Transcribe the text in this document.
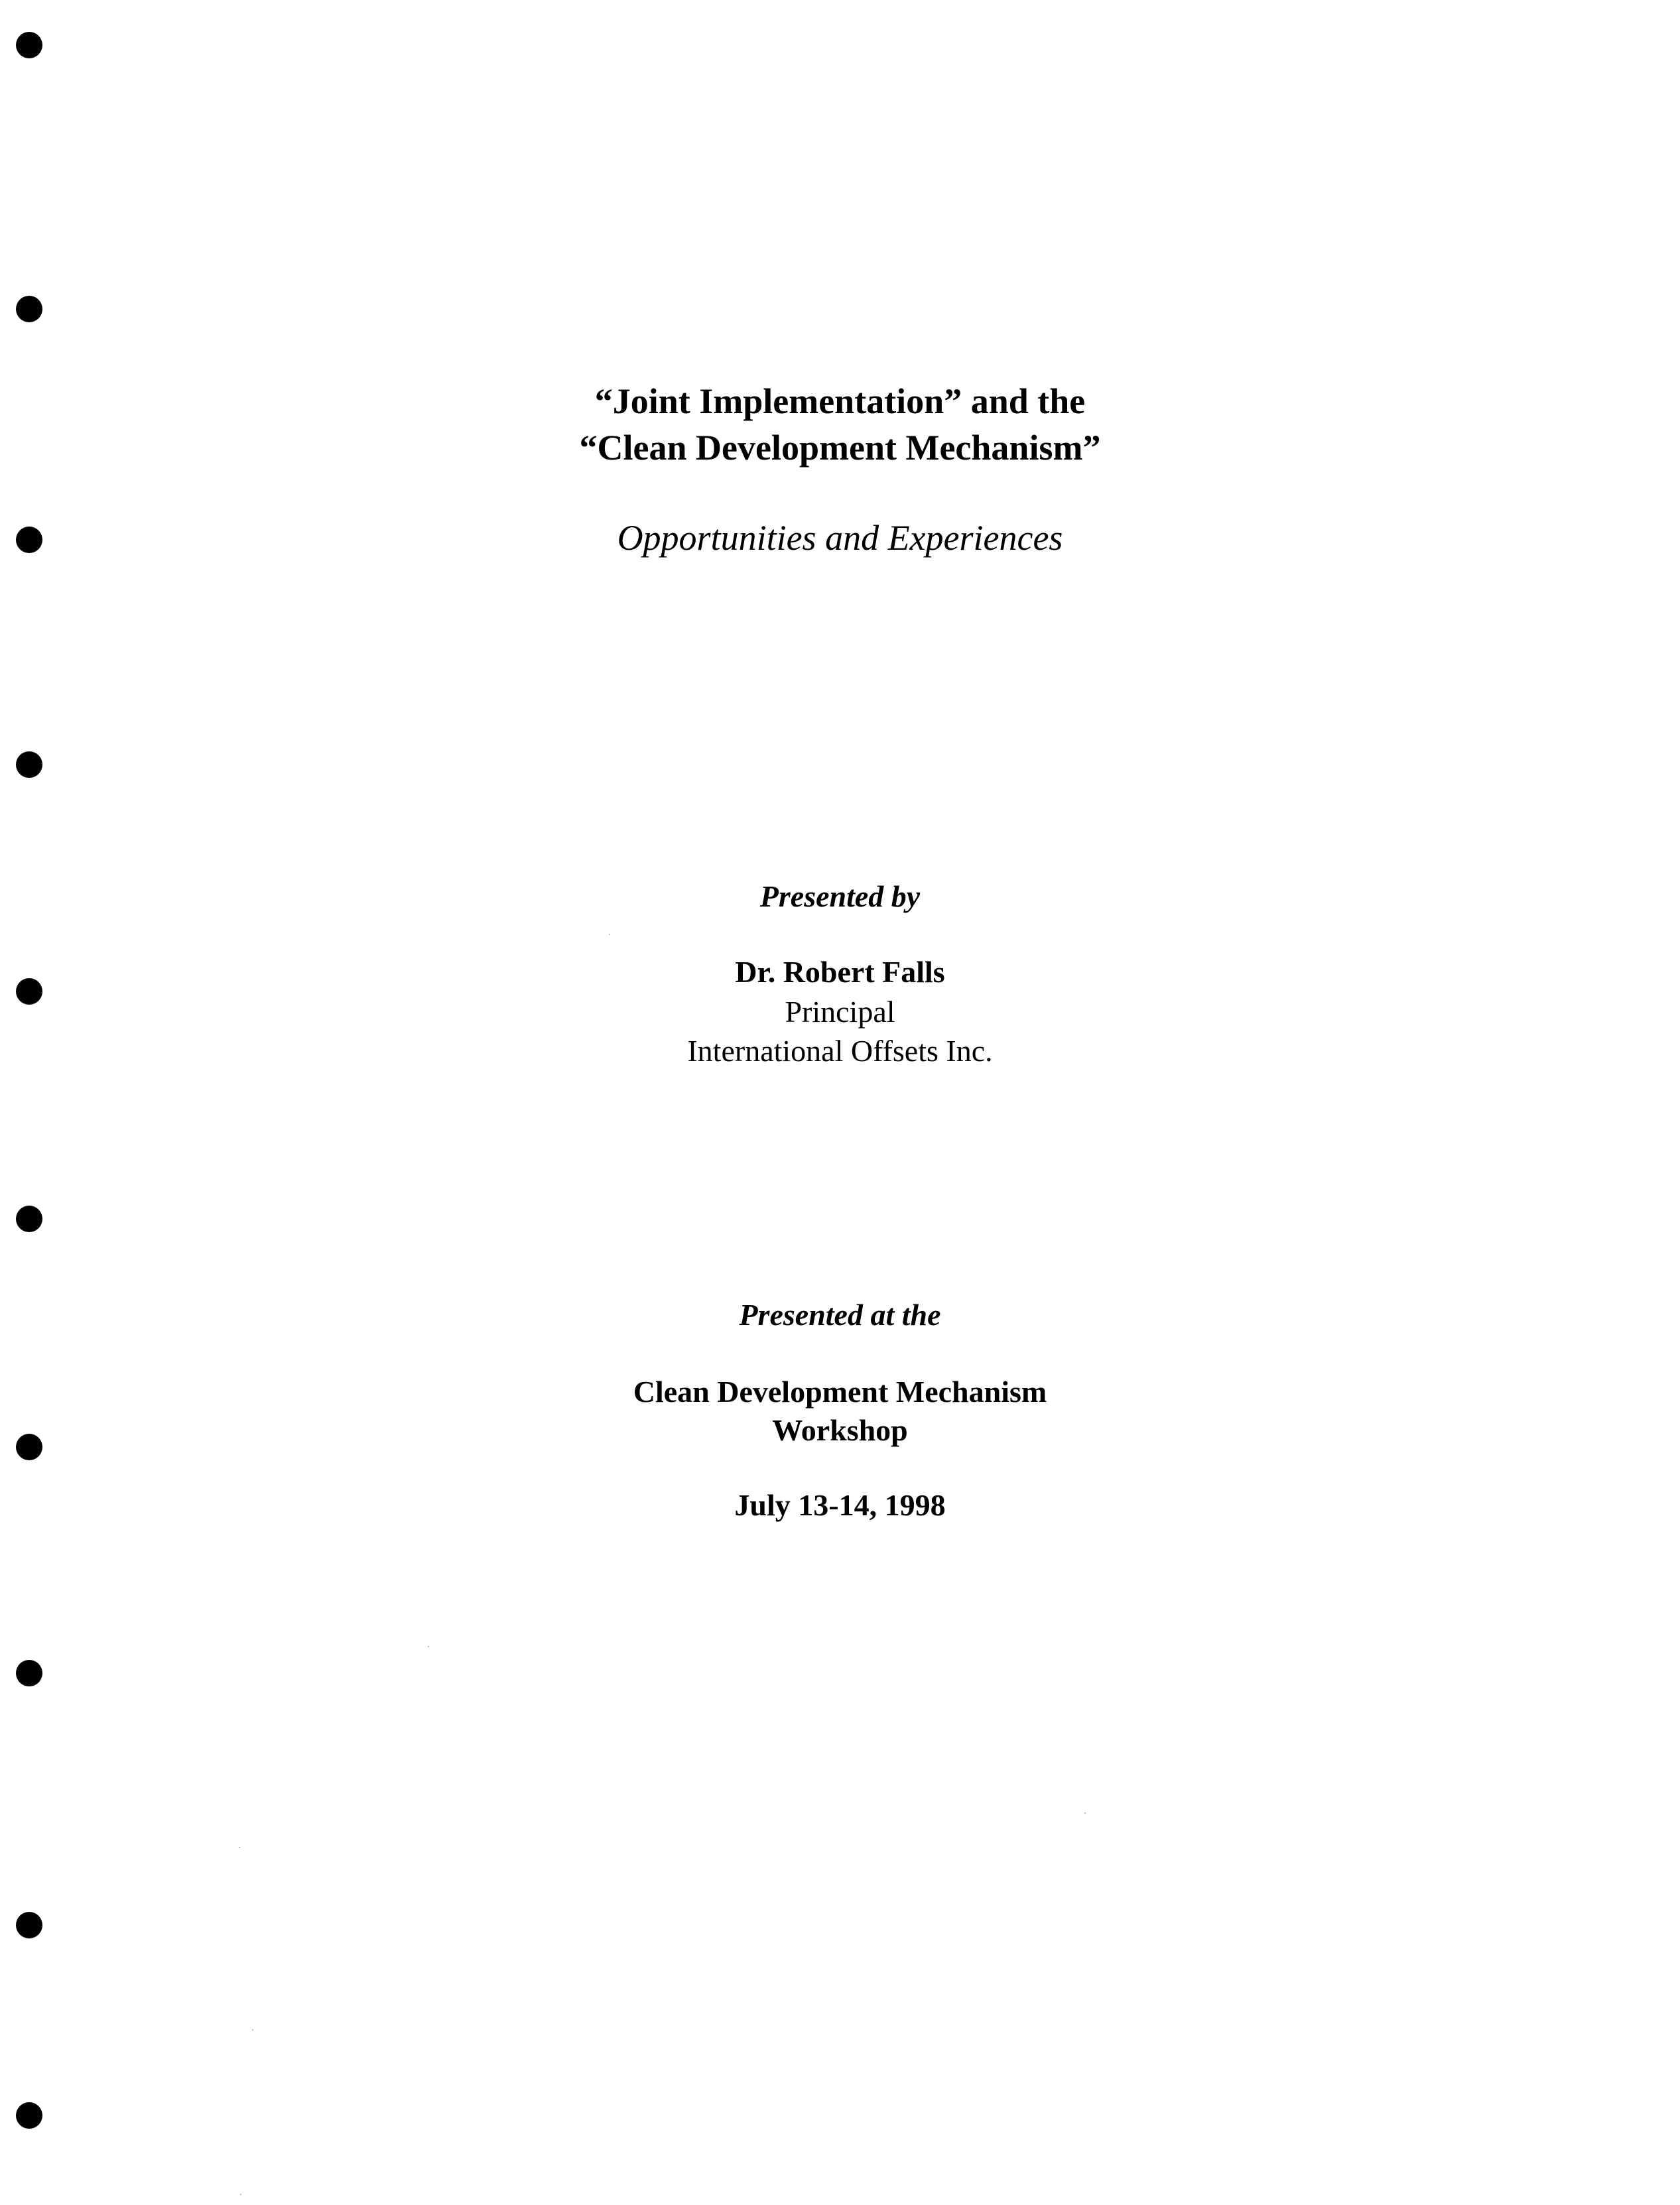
“Joint Implementation” and the
“Clean Development Mechanism”
Opportunities and Experiences
Presented by
Dr. Robert Falls
Principal
International Offsets Inc.
Presented at the
Clean Development Mechanism
Workshop
July 13-14, 1998
